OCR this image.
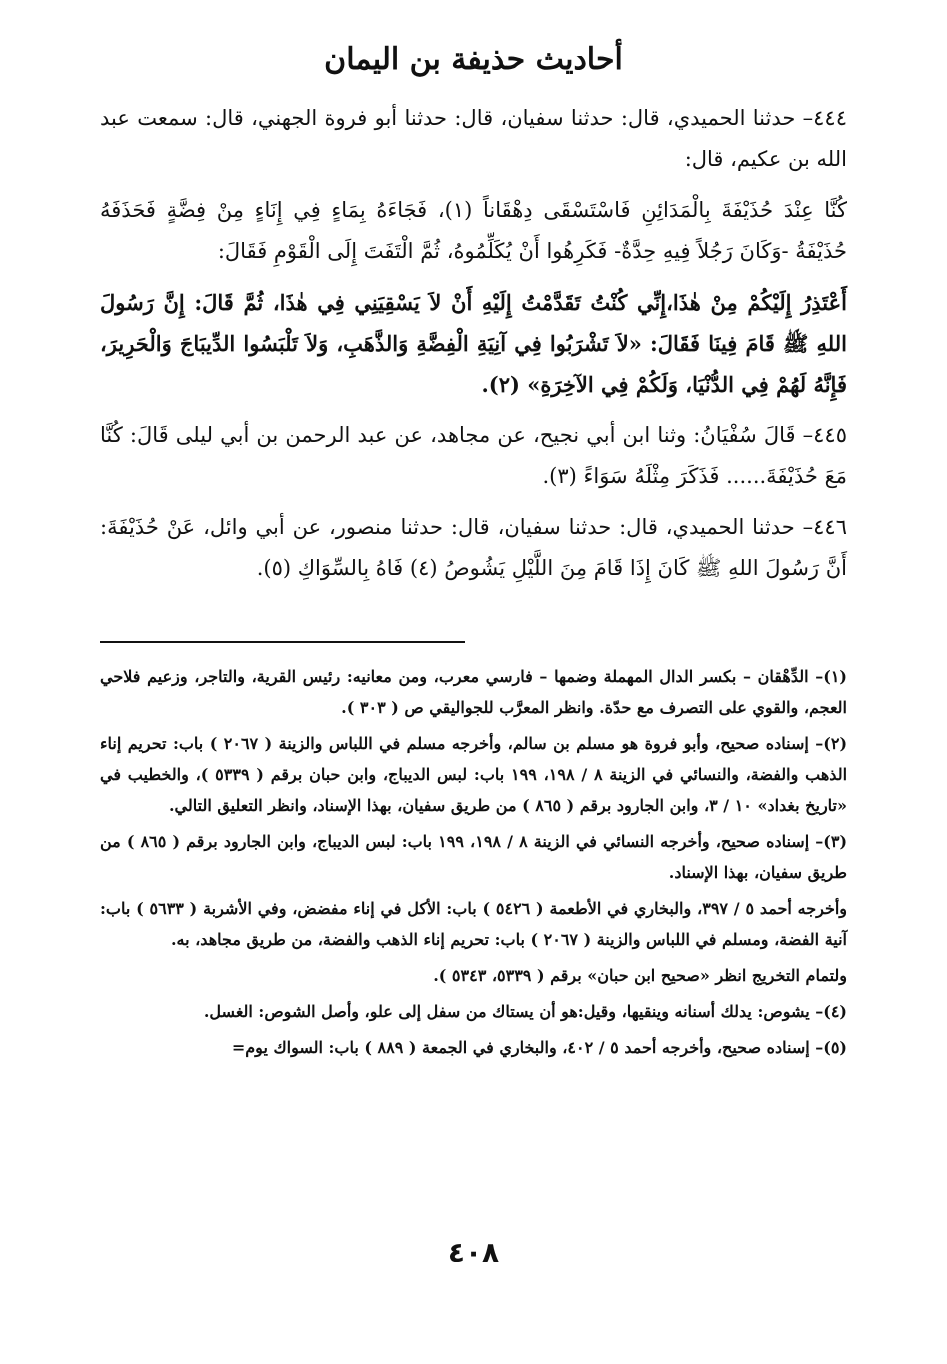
أحاديث حذيفة بن اليمان

٤٤٤– حدثنا الحميدي، قال: حدثنا سفيان، قال: حدثنا أبو فروة الجهني، قال: سمعت عبد الله بن عكيم، قال:

كُنَّا عِنْدَ حُذَيْفَةَ بِالْمَدَائِنِ فَاسْتَسْقَى دِهْقَاناً (١)، فَجَاءَهُ بِمَاءٍ فِي إِنَاءٍ مِنْ فِضَّةٍ فَحَذَفَهُ حُذَيْفَةُ -وَكَانَ رَجُلاً فِيهِ حِدَّةٌ- فَكَرِهُوا أَنْ يُكَلِّمُوهُ، ثُمَّ الْتَفَتَ إِلَى الْقَوْمِ فَقَالَ:

أَعْتَذِرُ إِلَيْكُمْ مِنْ هٰذَا،إِنِّي كُنْتُ تَقَدَّمْتُ إِلَيْهِ أَنْ لاَ يَسْقِيَنِي فِي هٰذَا، ثُمَّ قَالَ: إِنَّ رَسُولَ اللهِ ﷺ قَامَ فِينَا فَقَالَ: «لاَ تَشْرَبُوا فِي آنِيَةِ الْفِضَّةِ وَالذَّهَبِ، وَلاَ تَلْبَسُوا الدِّيبَاجَ وَالْحَرِيرَ، فَإِنَّهُ لَهُمْ فِي الدُّنْيَا، وَلَكُمْ فِي الآخِرَةِ» (٢).

٤٤٥– قَالَ سُفْيَانُ: وثنا ابن أبي نجيح، عن مجاهد، عن عبد الرحمن بن أبي ليلى قَالَ: كُنَّا مَعَ حُذَيْفَةَ...... فَذَكَرَ مِثْلَهُ سَوَاءً (٣).

٤٤٦– حدثنا الحميدي، قال: حدثنا سفيان، قال: حدثنا منصور، عن أبي وائل، عَنْ حُذَيْفَةَ: أَنَّ رَسُولَ اللهِ ﷺ كَانَ إِذَا قَامَ مِنَ اللَّيْلِ يَشُوصُ (٤) فَاهُ بِالسِّوَاكِ (٥).

(١)– الدِّهْقان – بكسر الدال المهملة وضمها – فارسي معرب، ومن معانيه: رئيس القرية، والتاجر، وزعيم فلاحي العجم، والقوي على التصرف مع حدّة. وانظر المعرَّب للجواليقي ص ( ٣٠٣ ).

(٢)– إسناده صحيح، وأبو فروة هو مسلم بن سالم، وأخرجه مسلم في اللباس والزينة ( ٢٠٦٧ ) باب: تحريم إناء الذهب والفضة، والنسائي في الزينة ٨ / ١٩٨، ١٩٩ باب: لبس الديباج، وابن حبان برقم ( ٥٣٣٩ )، والخطيب في «تاريخ بغداد» ١٠ / ٣، وابن الجارود برقم ( ٨٦٥ ) من طريق سفيان، بهذا الإسناد، وانظر التعليق التالي.

(٣)– إسناده صحيح، وأخرجه النسائي في الزينة ٨ / ١٩٨، ١٩٩ باب: لبس الديباج، وابن الجارود برقم ( ٨٦٥ ) من طريق سفيان، بهذا الإسناد.

وأخرجه أحمد ٥ / ٣٩٧، والبخاري في الأطعمة ( ٥٤٢٦ ) باب: الأكل في إناء مفضض، وفي الأشربة ( ٥٦٣٣ ) باب: آنية الفضة، ومسلم في اللباس والزينة ( ٢٠٦٧ ) باب: تحريم إناء الذهب والفضة، من طريق مجاهد، به.

ولتمام التخريج انظر «صحيح ابن حبان» برقم ( ٥٣٣٩، ٥٣٤٣ ).

(٤)– يشوص: يدلك أسنانه وينقيها، وقيل:هو أن يستاك من سفل إلى علو، وأصل الشوص: الغسل.

(٥)– إسناده صحيح، وأخرجه أحمد ٥ / ٤٠٢، والبخاري في الجمعة ( ٨٨٩ ) باب: السواك يوم=

٤٠٨
